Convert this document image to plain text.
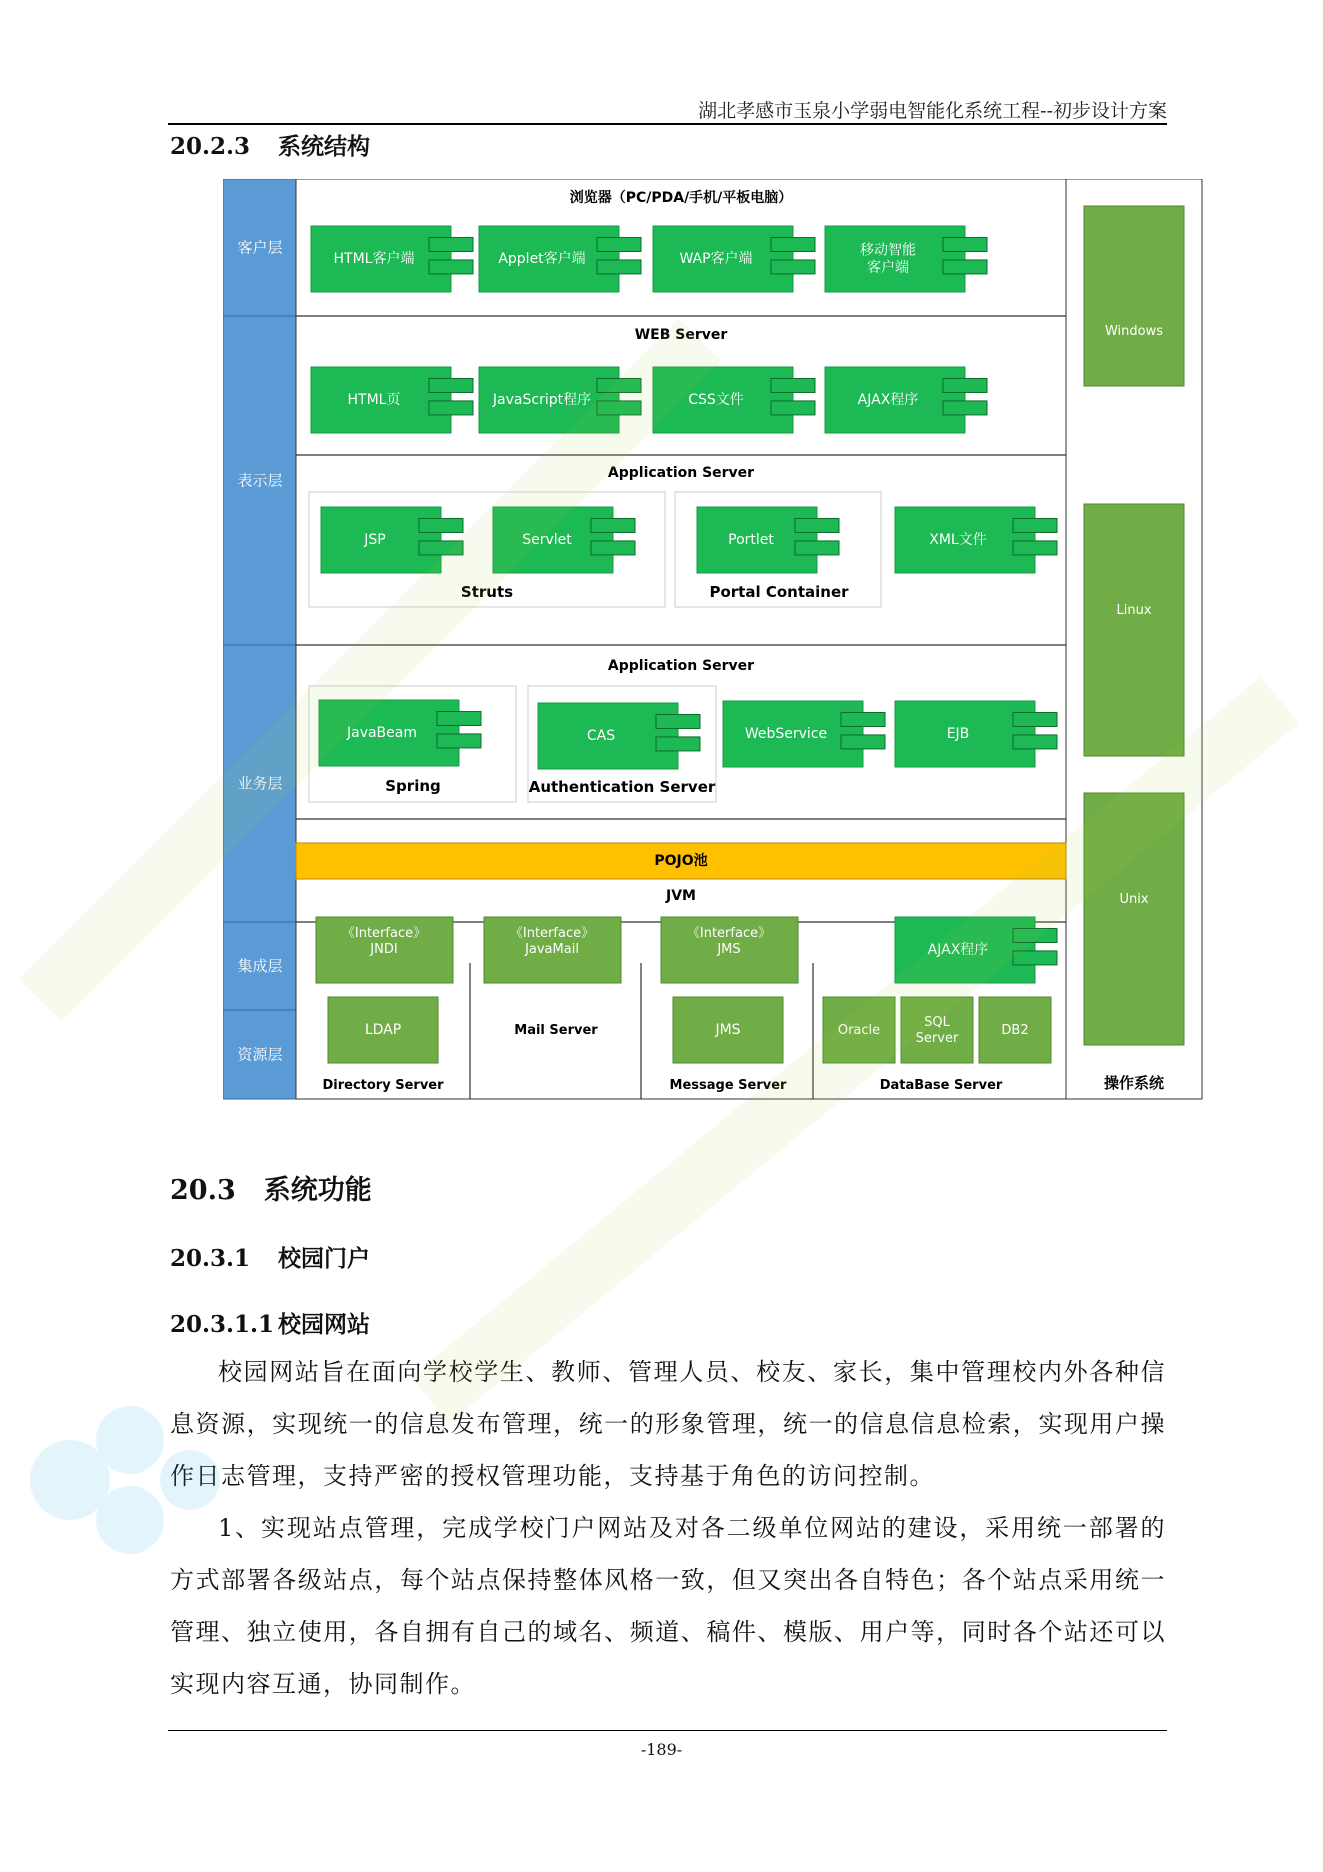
湖北孝感市玉泉小学弱电智能化系统工程--初步设计方案
20.2.3 系统结构
客户层
表示层
业务层
集成层
资源层
浏览器（PC/PDA/手机/平板电脑）
HTML客户端	Applet客户端	WAP客户端
移动智能客户端
WEB Server
HTML页	JavaScript程序	CSS文件	AJAX程序
Application Server
JSP	Servlet
Struts
Portlet
Portal Container
XML文件
Application Server
JavaBeam
Spring
CAS
Authentication Server
WebService	EJB
POJO池
JVM
《Interface》 JNDI
《Interface》 JavaMail
《Interface》 JMS	AJAX程序
LDAP
Directory Server
Mail Server	JMS
Message Server
Oracle
SQL Server
DB2
DataBase Server
Windows
Linux
Unix
操作系统
20.3 系统功能
20.3.1 校园门户
20.3.1.1 校园网站
校园网站旨在面向学校学生、教师、管理人员、校友、家长，集中管理校内外各种信息资源，实现统一的信息发布管理，统一的形象管理，统一的信息信息检索，实现用户操作日志管理，支持严密的授权管理功能，支持基于角色的访问控制。
1、实现站点管理，完成学校门户网站及对各二级单位网站的建设，采用统一部署的方式部署各级站点，每个站点保持整体风格一致，但又突出各自特色；各个站点采用统一管理、独立使用，各自拥有自己的域名、频道、稿件、模版、用户等，同时各个站还可以实现内容互通，协同制作。
-189-
